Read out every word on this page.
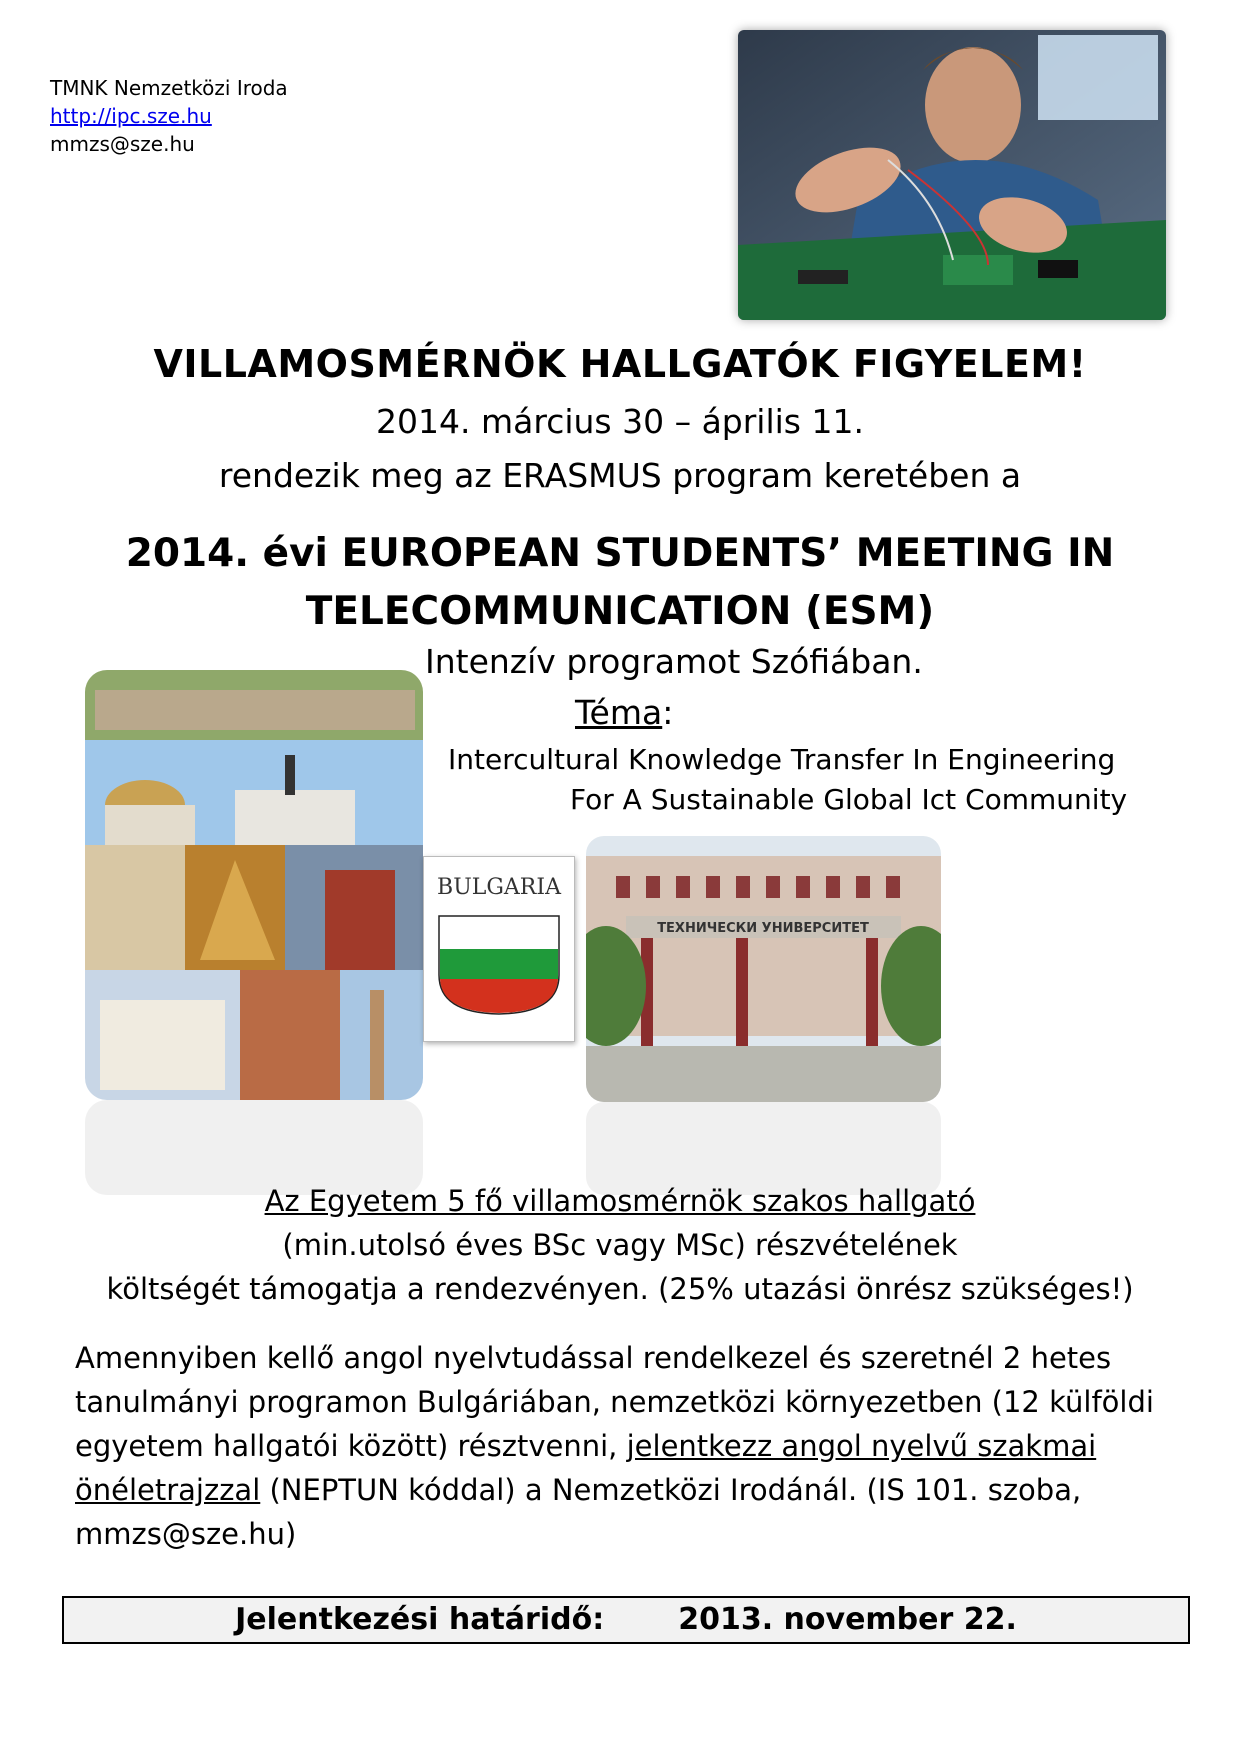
TMNK Nemzetközi Iroda
http://ipc.sze.hu
mmzs@sze.hu
VILLAMOSMÉRNÖK HALLGATÓK FIGYELEM!
2014. március 30 – április 11.
rendezik meg az ERASMUS program keretében a
2014. évi EUROPEAN STUDENTS’ MEETING IN
TELECOMMUNICATION (ESM)
Intenzív programot Szófiában.
Téma:
Intercultural Knowledge Transfer In Engineering
For A Sustainable Global Ict Community
BULGARIA
ТЕХНИЧЕСКИ УНИВЕРСИТЕТ
Az Egyetem 5 fő villamosmérnök szakos hallgató
(min.utolsó éves BSc vagy MSc) részvételének
költségét támogatja a rendezvényen. (25% utazási önrész szükséges!)
Amennyiben kellő angol nyelvtudással rendelkezel és szeretnél 2 hetes tanulmányi programon Bulgáriában, nemzetközi környezetben (12 külföldi egyetem hallgatói között) résztvenni, jelentkezz angol nyelvű szakmai önéletrajzzal (NEPTUN kóddal) a Nemzetközi Irodánál. (IS 101. szoba, mmzs@sze.hu)
Jelentkezési határidő: 2013. november 22.
